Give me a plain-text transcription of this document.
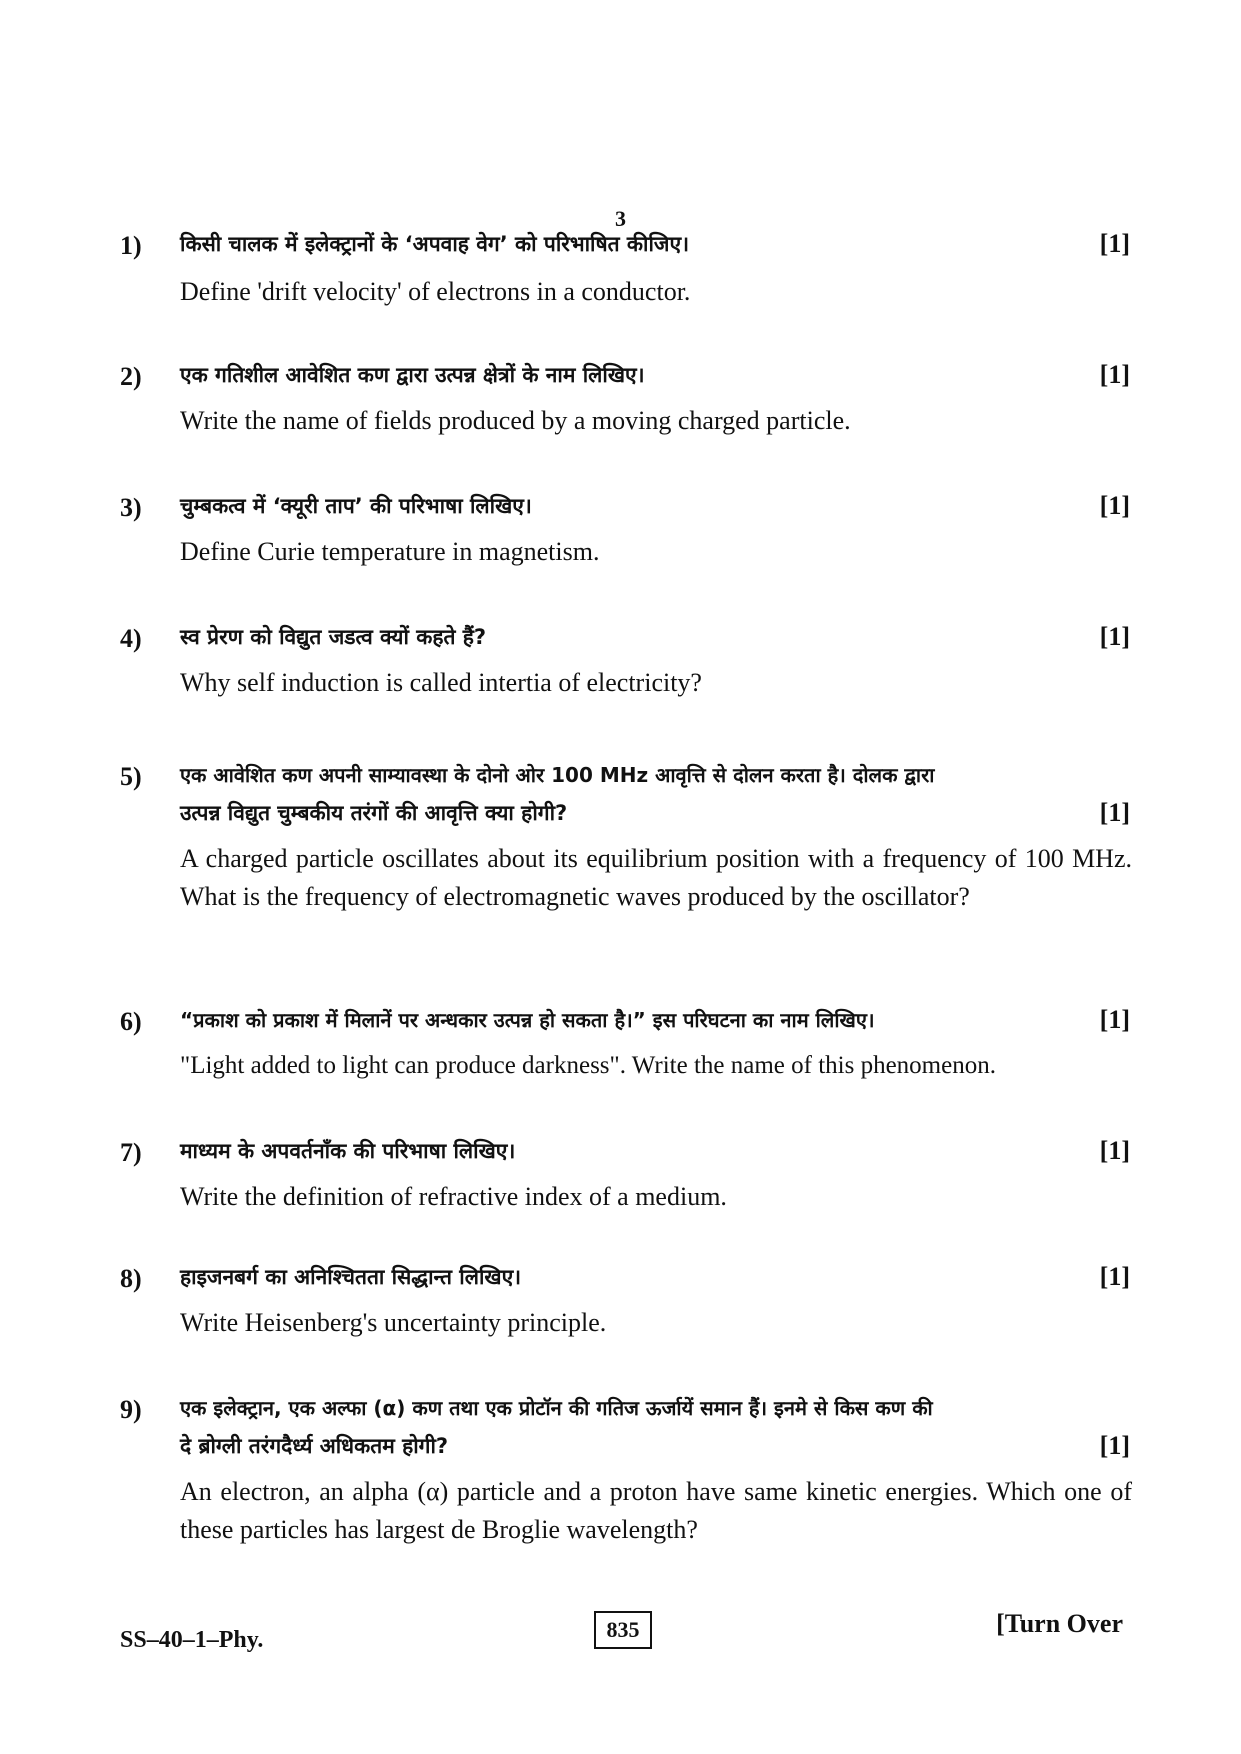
3
1) किसी चालक में इलेक्ट्रानों के ‘अपवाह वेग’ को परिभाषित कीजिए।	[1]
Define 'drift velocity' of electrons in a conductor.
2) एक गतिशील आवेशित कण द्वारा उत्पन्न क्षेत्रों के नाम लिखिए।	[1]
Write the name of fields produced by a moving charged particle.
3) चुम्बकत्व में ‘क्यूरी ताप’ की परिभाषा लिखिए।	[1]
Define Curie temperature in magnetism.
4) स्व प्रेरण को विद्युत जडत्व क्यों कहते हैं?	[1]
Why self induction is called intertia of electricity?
5) एक आवेशित कण अपनी साम्यावस्था के दोनो ओर 100 MHz आवृत्ति से दोलन करता है। दोलक द्वारा
उत्पन्न विद्युत चुम्बकीय तरंगों की आवृत्ति क्या होगी?	[1]
A charged particle oscillates about its equilibrium position with a frequency of 100 MHz. What is the frequency of electromagnetic waves produced by the oscillator?
6) “प्रकाश को प्रकाश में मिलानें पर अन्धकार उत्पन्न हो सकता है।” इस परिघटना का नाम लिखिए।	[1]
"Light added to light can produce darkness". Write the name of this phenomenon.
7) माध्यम के अपवर्तनाँक की परिभाषा लिखिए।	[1]
Write the definition of refractive index of a medium.
8) हाइजनबर्ग का अनिश्चितता सिद्धान्त लिखिए।	[1]
Write Heisenberg's uncertainty principle.
9) एक इलेक्ट्रान, एक अल्फा (α) कण तथा एक प्रोटॉन की गतिज ऊर्जायें समान हैं। इनमे से किस कण की
दे ब्रोग्ली तरंगदैर्ध्य अधिकतम होगी?	[1]
An electron, an alpha (α) particle and a proton have same kinetic energies. Which one of these particles has largest de Broglie wavelength?
SS–40–1–Phy.	835	[Turn Over
